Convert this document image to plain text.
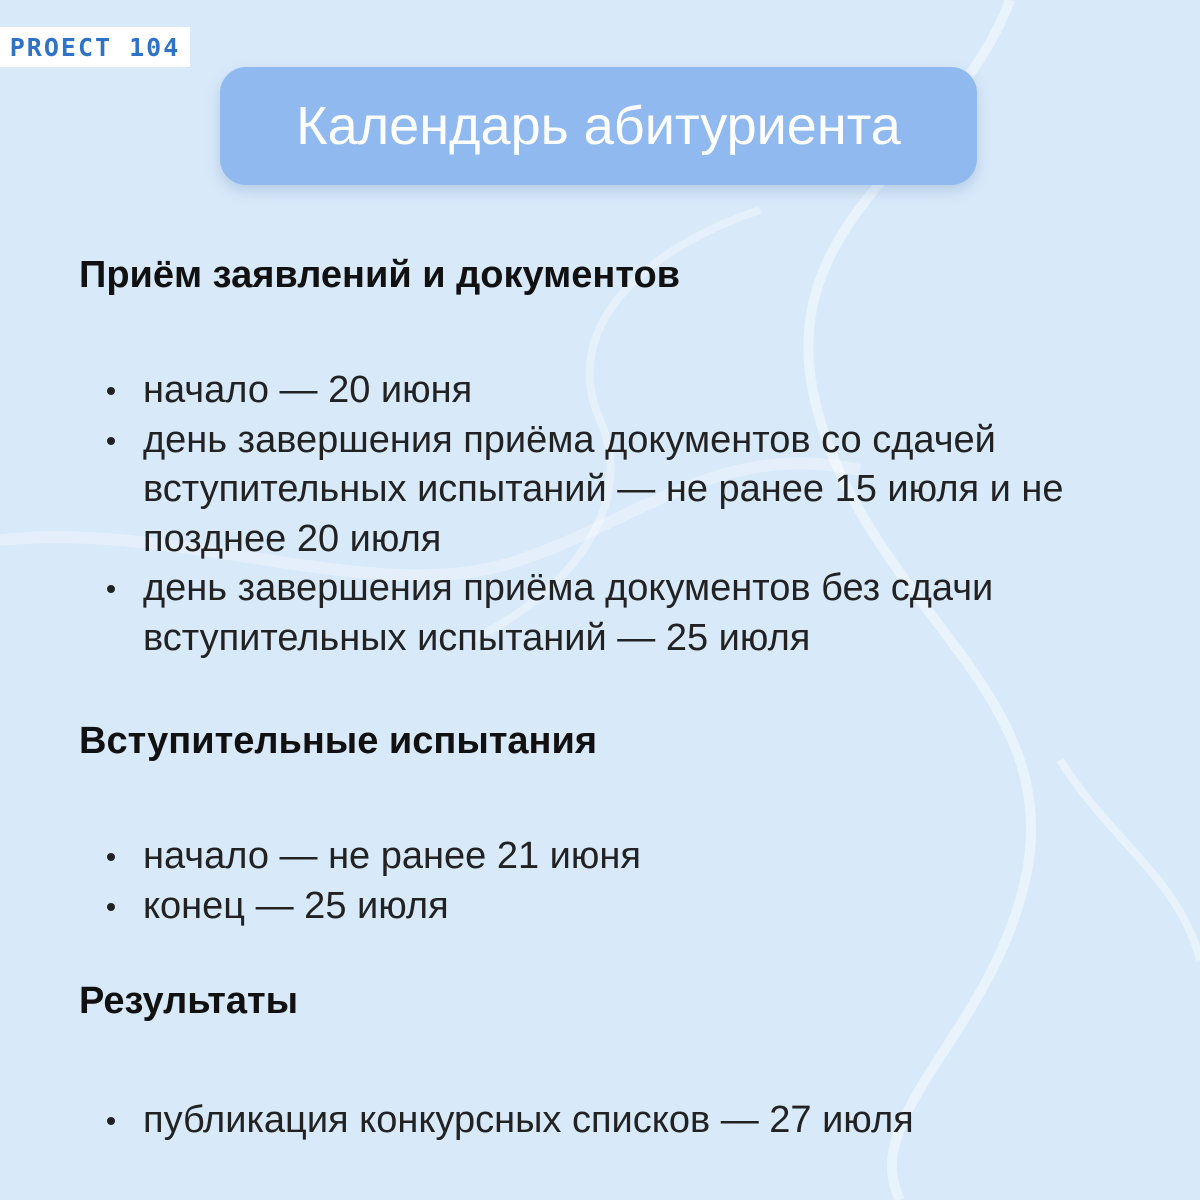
PROEСT 104
Календарь абитуриента
Приём заявлений и документов
начало — 20 июня
день завершения приёма документов со сдачей вступительных испытаний — не ранее 15 июля и не позднее 20 июля
день завершения приёма документов без сдачи вступительных испытаний — 25 июля
Вступительные испытания
начало — не ранее 21 июня
конец — 25 июля
Результаты
публикация конкурсных списков — 27 июля
